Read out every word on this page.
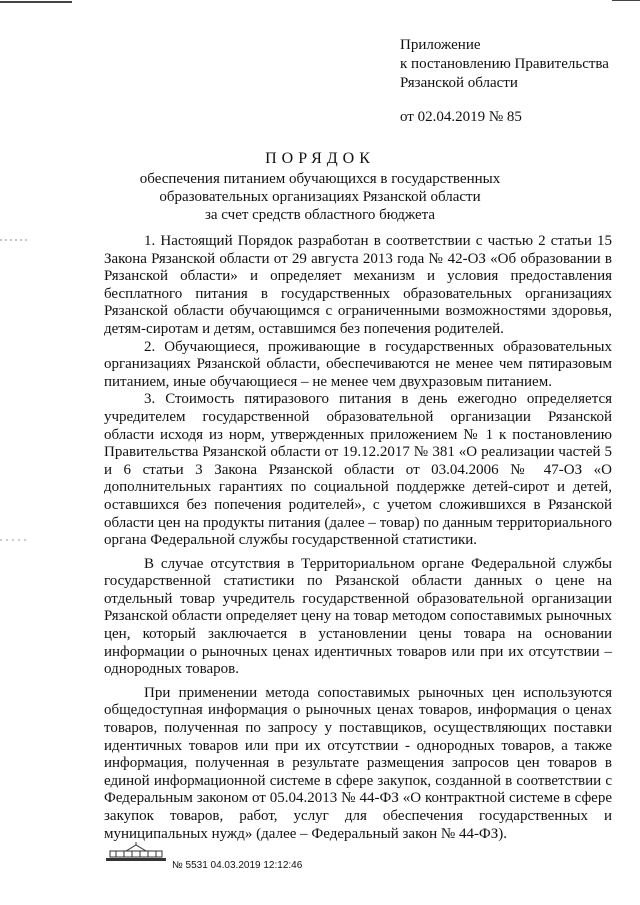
Приложение
к постановлению Правительства
Рязанской области
от 02.04.2019 № 85
ПОРЯДОК
обеспечения питанием обучающихся в государственных
образовательных организациях Рязанской области
за счет средств областного бюджета

1. Настоящий Порядок разработан в соответствии с частью 2 статьи 15 Закона Рязанской области от 29 августа 2013 года № 42-ОЗ «Об образовании в Рязанской области» и определяет механизм и условия предоставления бесплатного питания в государственных образовательных организациях Рязанской области обучающимся с ограниченными возможностями здоровья, детям-сиротам и детям, оставшимся без попечения родителей.

2. Обучающиеся, проживающие в государственных образовательных организациях Рязанской области, обеспечиваются не менее чем пятиразовым питанием, иные обучающиеся – не менее чем двухразовым питанием.

3. Стоимость пятиразового питания в день ежегодно определяется учредителем государственной образовательной организации Рязанской области исходя из норм, утвержденных приложением № 1 к постановлению Правительства Рязанской области от 19.12.2017 № 381 «О реализации частей 5 и 6 статьи 3 Закона Рязанской области от 03.04.2006 № 47-ОЗ «О дополнительных гарантиях по социальной поддержке детей-сирот и детей, оставшихся без попечения родителей», с учетом сложившихся в Рязанской области цен на продукты питания (далее – товар) по данным территориального органа Федеральной службы государственной статистики.

В случае отсутствия в Территориальном органе Федеральной службы государственной статистики по Рязанской области данных о цене на отдельный товар учредитель государственной образовательной организации Рязанской области определяет цену на товар методом сопоставимых рыночных цен, который заключается в установлении цены товара на основании информации о рыночных ценах идентичных товаров или при их отсутствии – однородных товаров.

При применении метода сопоставимых рыночных цен используются общедоступная информация о рыночных ценах товаров, информация о ценах товаров, полученная по запросу у поставщиков, осуществляющих поставки идентичных товаров или при их отсутствии - однородных товаров, а также информация, полученная в результате размещения запросов цен товаров в единой информационной системе в сфере закупок, созданной в соответствии с Федеральным законом от 05.04.2013 № 44-ФЗ «О контрактной системе в сфере закупок товаров, работ, услуг для обеспечения государственных и муниципальных нужд» (далее – Федеральный закон № 44-ФЗ).

№ 5531 04.03.2019 12:12:46
